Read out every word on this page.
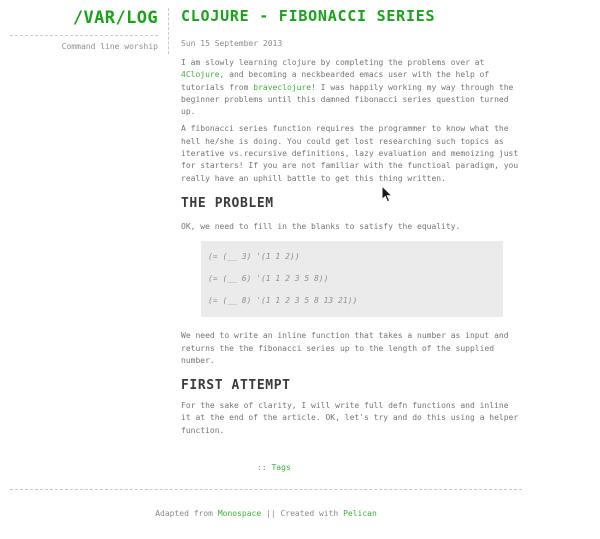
/VAR/LOG
Command line worship
CLOJURE - FIBONACCI SERIES
Sun 15 September 2013

I am slowly learning clojure by completing the problems over at 4Clojure, and becoming a neckbearded emacs user with the help of tutorials from braveclojure! I was happily working my way through the beginner problems until this damned fibonacci series question turned up.

A fibonacci series function requires the programmer to know what the hell he/she is doing. You could get lost researching such topics as iterative vs.recursive definitions, lazy evaluation and memoizing just for starters! If you are not familiar with the functioal paradigm, you really have an uphill battle to get this thing written.

THE PROBLEM

OK, we need to fill in the blanks to satisfy the equality.

(= (__ 3) '(1 1 2))
(= (__ 6) '(1 1 2 3 5 8))
(= (__ 8) '(1 1 2 3 5 8 13 21))

We need to write an inline function that takes a number as input and returns the the fibonacci series up to the length of the supplied number.

FIRST ATTEMPT

For the sake of clarity, I will write full defn functions and inline it at the end of the article. OK, let's try and do this using a helper function.

:: Tags
Adapted from Monospace || Created with Pelican
